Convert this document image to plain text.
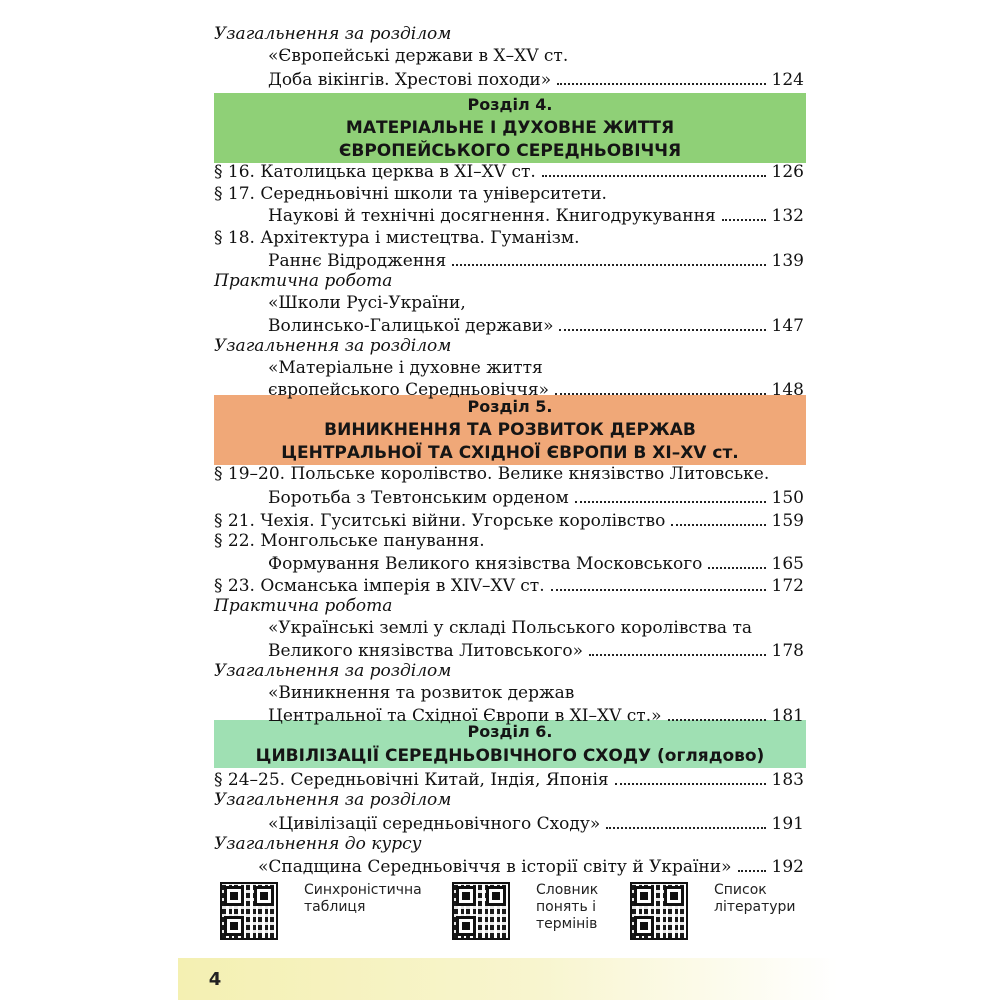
Розділ 4.
МАТЕРІАЛЬНЕ І ДУХОВНЕ ЖИТТЯ
ЄВРОПЕЙСЬКОГО СЕРЕДНЬОВІЧЧЯ
Розділ 5.
ВИНИКНЕННЯ ТА РОЗВИТОК ДЕРЖАВ
ЦЕНТРАЛЬНОЇ ТА СХІДНОЇ ЄВРОПИ В ХІ–ХV ст.
Розділ 6.
ЦИВІЛІЗАЦІЇ СЕРЕДНЬОВІЧНОГО СХОДУ (оглядово)
Узагальнення за розділом
«Європейські держави в Х–ХV ст.
Доба вікінгів. Хрестові походи»	124
§ 16. Католицька церква в ХІ–ХV ст.	126
§ 17. Середньовічні школи та університети.
Наукові й технічні досягнення. Книгодрукування	132
§ 18. Архітектура і мистецтва. Гуманізм.
Раннє Відродження	139
Практична робота
«Школи Русі-України,
Волинсько-Галицької держави»	147
Узагальнення за розділом
«Матеріальне і духовне життя
європейського Середньовіччя»	148
§ 19–20. Польське королівство. Велике князівство Литовське.
Боротьба з Тевтонським орденом	150
§ 21. Чехія. Гуситські війни. Угорське королівство	159
§ 22. Монгольське панування.
Формування Великого князівства Московського	165
§ 23. Османська імперія в ХІV–ХV ст.	172
Практична робота
«Українські землі у складі Польського королівства та
Великого князівства Литовського»	178
Узагальнення за розділом
«Виникнення та розвиток держав
Центральної та Східної Європи в ХІ–ХV ст.»	181
§ 24–25. Середньовічні Китай, Індія, Японія	183
Узагальнення за розділом
«Цивілізації середньовічного Сходу»	191
Узагальнення до курсу
«Спадщина Середньовіччя в історії світу й України» 192
Синхроністична
таблиця
Словник
понять і
термінів
Список
літератури
4
